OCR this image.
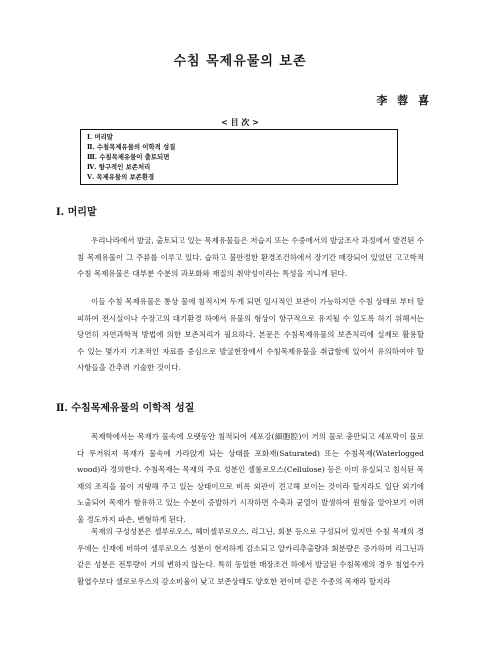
수침 목제유물의 보존
李 蓉 喜
< 目 次 >
Ⅰ. 머리말
Ⅱ. 수침목제유물의 이학적 성질
Ⅲ. 수침목제유물이 출토되면
Ⅳ. 항구적인 보존처리
Ⅴ. 목제유물의 보존환경
Ⅰ. 머리말

우리나라에서 발굴, 출토되고 있는 목제유물들은 저습지 또는 수중에서의 발굴조사 과정에서 발견된 수침 목제유물이 그 주류를 이루고 있다. 습하고 불안정한 환경조건하에서 장기간 매장되어 있었던 고고학적 수침 목제유물은 대부분 수분의 과포화와 재질의 취약성이라는 특성을 지니게 된다.

이들 수침 목제유물은 통상 물에 침적시켜 두게 되면 일시적인 보관이 가능하지만 수침 상태로 부터 탈피하여 전시실이나 수장고의 대기환경 하에서 유물의 형상이 항구적으로 유지될 수 있도록 하기 위해서는 당연히 자연과학적 방법에 의한 보존처리가 필요하다. 본문은 수침목제유물의 보존처리에 실제로 활용할 수 있는 몇가지 기초적인 자료를 중심으로 발굴현장에서 수침목제유물을 취급함에 있어서 유의하여야 할 사항들을 간추려 기술한 것이다.

Ⅱ. 수침목제유물의 이학적 성질

목제학에서는 목재가 물속에 오랫동안 침적되어 세포강(細胞腔)이 거의 물로 충만되고 세포막이 물로다 무거워져 목재가 물속에 가라앉게 되는 상태를 포화재(Saturated) 또는 수침목재(Waterlogged wood)라 정의한다. 수침목재는 목재의 주요 성분인 셀룰로오스(Cellulose) 등은 이미 유실되고 침식된 목재의 조직을 물이 지탱해 주고 있는 상태이므로 비록 외관이 견고해 보이는 것이라 할지라도 일단 외기에 노출되어 목재가 함유하고 있는 수분이 증발하기 시작하면 수축과 균열이 발생하여 원형을 알아보기 어려울 정도까지 파손, 변형하게 된다.

목재의 구성성분은 셀루로오스, 헤미셀루로오스, 리그닌, 회분 등으로 구성되어 있지만 수침 목재의 경우에는 신재에 비하여 셀루로오스 성분이 현저하게 감소되고 알카리추출량과 회분량은 증가하며 리그닌과 같은 성분은 전투량이 거의 변하지 않는다. 특히 동일한 매장조건 하에서 발굴된 수침목재의 경우 침엽수가 활엽수보다 셀로로우스의 감소비율이 낮고 보존상태도 양호한 편이며 같은 수종의 목재라 할지라
